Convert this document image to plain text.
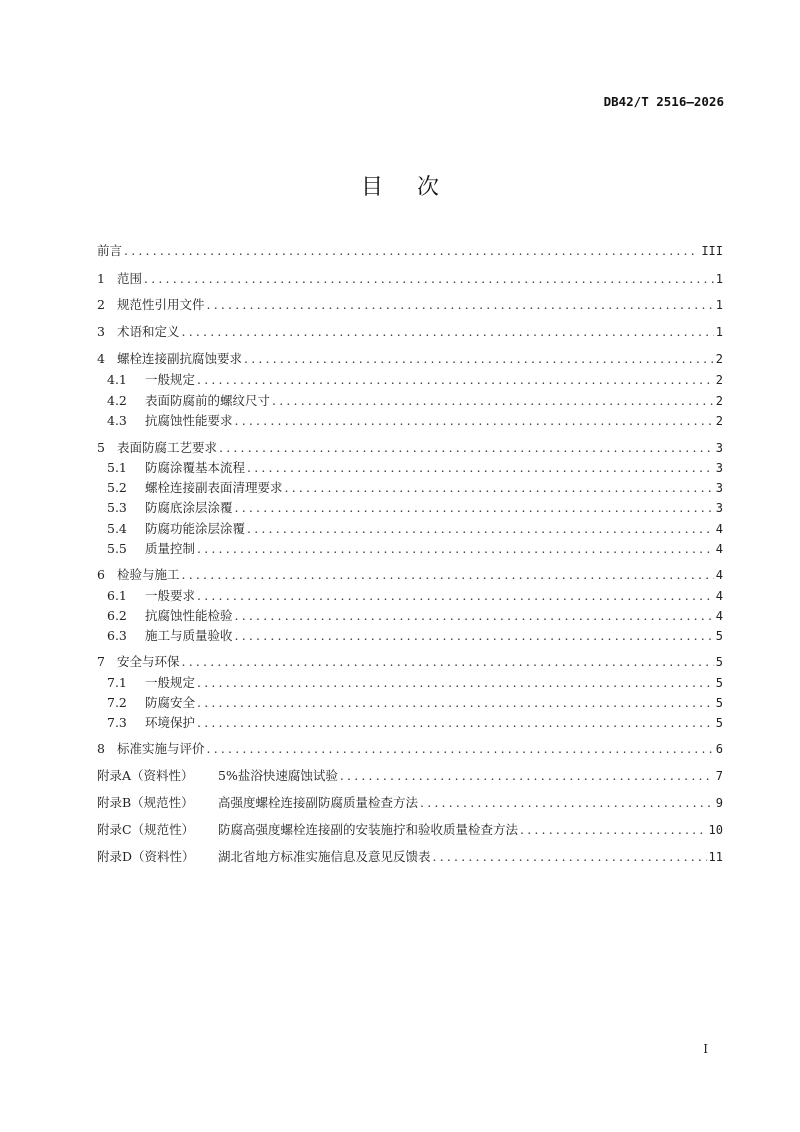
DB42/T 2516—2026
目次
前言 .....	III
1 范围 .....	1
2 规范性引用文件 .....	1
3 术语和定义 .....	1
4 螺栓连接副抗腐蚀要求 .....	2
4.1	一般规定 .....	2
4.2	表面防腐前的螺纹尺寸 .....	2
4.3	抗腐蚀性能要求 .....	2
5 表面防腐工艺要求 .....	3
5.1	防腐涂覆基本流程 .....	3
5.2	螺栓连接副表面清理要求 .....	3
5.3	防腐底涂层涂覆 .....	3
5.4	防腐功能涂层涂覆 .....	4
5.5	质量控制 .....	4
6 检验与施工 .....	4
6.1	一般要求 .....	4
6.2	抗腐蚀性能检验 .....	4
6.3	施工与质量验收 .....	5
7 安全与环保 .....	5
7.1	一般规定 .....	5
7.2	防腐安全 .....	5
7.3	环境保护 .....	5
8 标准实施与评价 .....	6
附录A（资料性）	5%盐浴快速腐蚀试验 .....	7
附录B（规范性）	高强度螺栓连接副防腐质量检查方法 .....	9
附录C（规范性）	防腐高强度螺栓连接副的安装施拧和验收质量检查方法 .....	10
附录D（资料性）	湖北省地方标准实施信息及意见反馈表 .....	11
I
